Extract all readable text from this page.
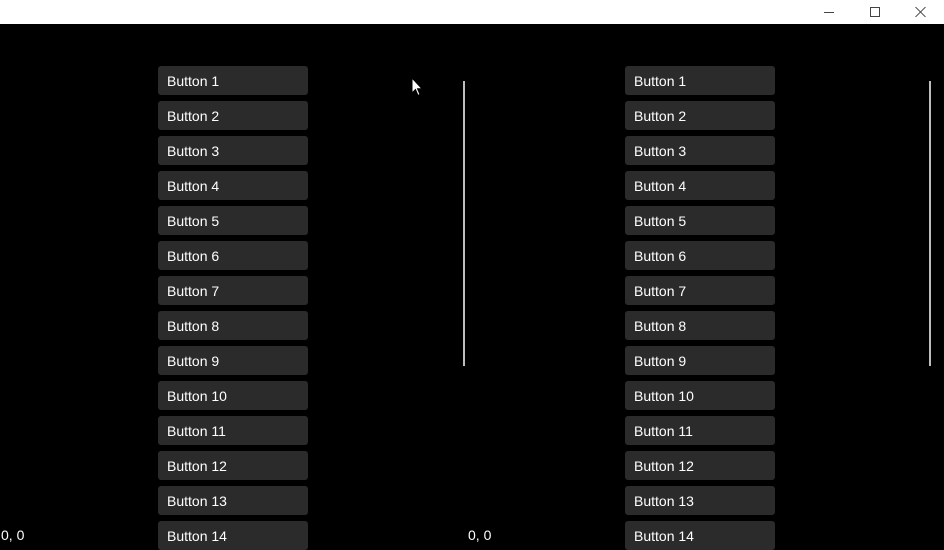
Button 1
Button 2
Button 3
Button 4
Button 5
Button 6
Button 7
Button 8
Button 9
Button 10
Button 11
Button 12
Button 13
Button 14
0, 0
Button 1
Button 2
Button 3
Button 4
Button 5
Button 6
Button 7
Button 8
Button 9
Button 10
Button 11
Button 12
Button 13
Button 14
0, 0
